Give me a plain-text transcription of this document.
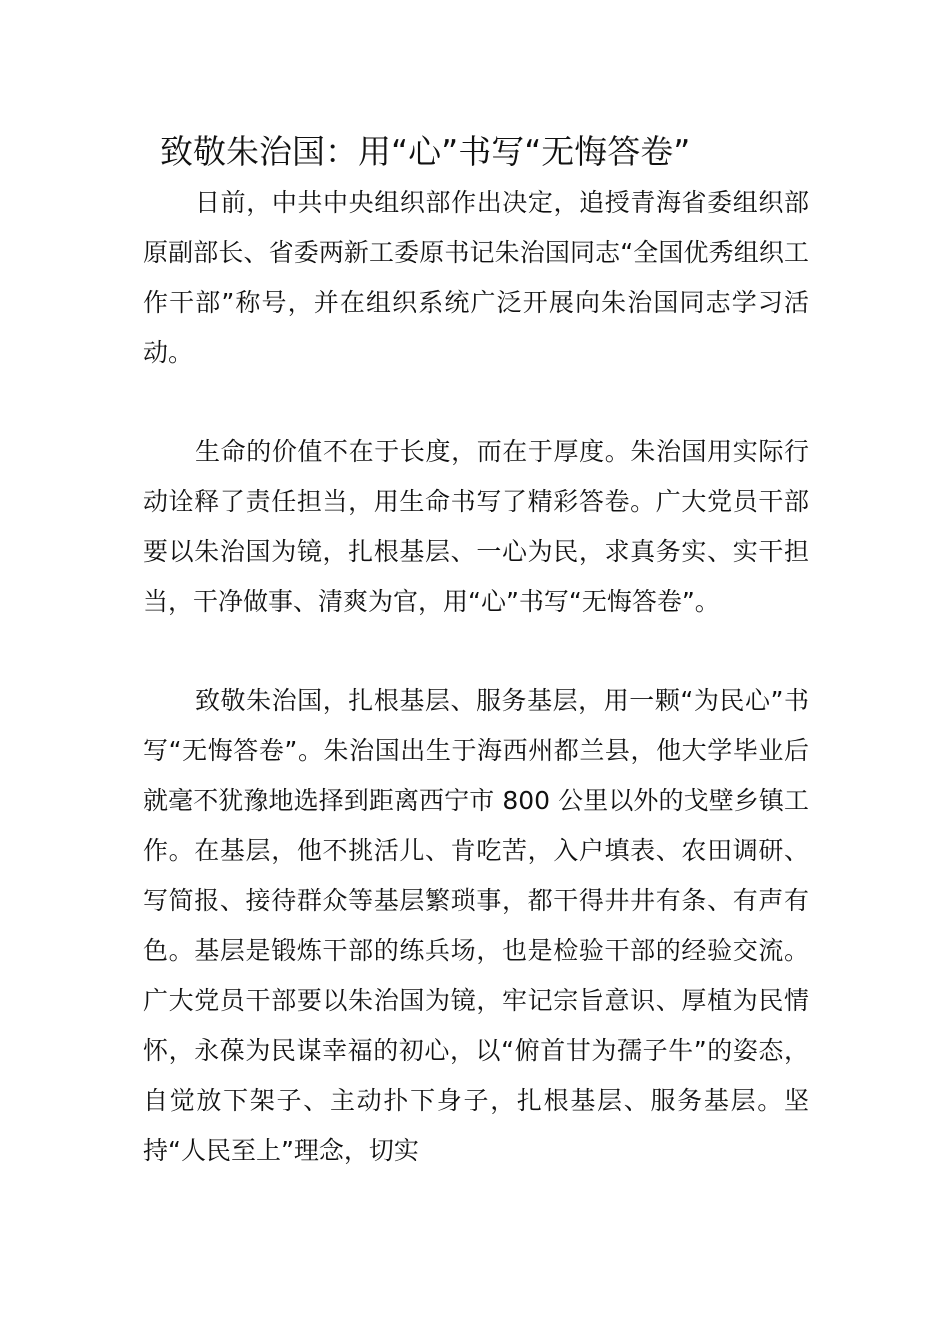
致敬朱治国：用“心”书写“无悔答卷”

日前，中共中央组织部作出决定，追授青海省委组织部原副部长、省委两新工委原书记朱治国同志“全国优秀组织工作干部”称号，并在组织系统广泛开展向朱治国同志学习活动。

生命的价值不在于长度，而在于厚度。朱治国用实际行动诠释了责任担当，用生命书写了精彩答卷。广大党员干部要以朱治国为镜，扎根基层、一心为民，求真务实、实干担当，干净做事、清爽为官，用“心”书写“无悔答卷”。

致敬朱治国，扎根基层、服务基层，用一颗“为民心”书写“无悔答卷”。朱治国出生于海西州都兰县，他大学毕业后就毫不犹豫地选择到距离西宁市 800 公里以外的戈壁乡镇工作。在基层，他不挑活儿、肯吃苦，入户填表、农田调研、写简报、接待群众等基层繁琐事，都干得井井有条、有声有色。基层是锻炼干部的练兵场，也是检验干部的经验交流。广大党员干部要以朱治国为镜，牢记宗旨意识、厚植为民情怀，永葆为民谋幸福的初心，以“俯首甘为孺子牛”的姿态，自觉放下架子、主动扑下身子，扎根基层、服务基层。坚持“人民至上”理念，切实
